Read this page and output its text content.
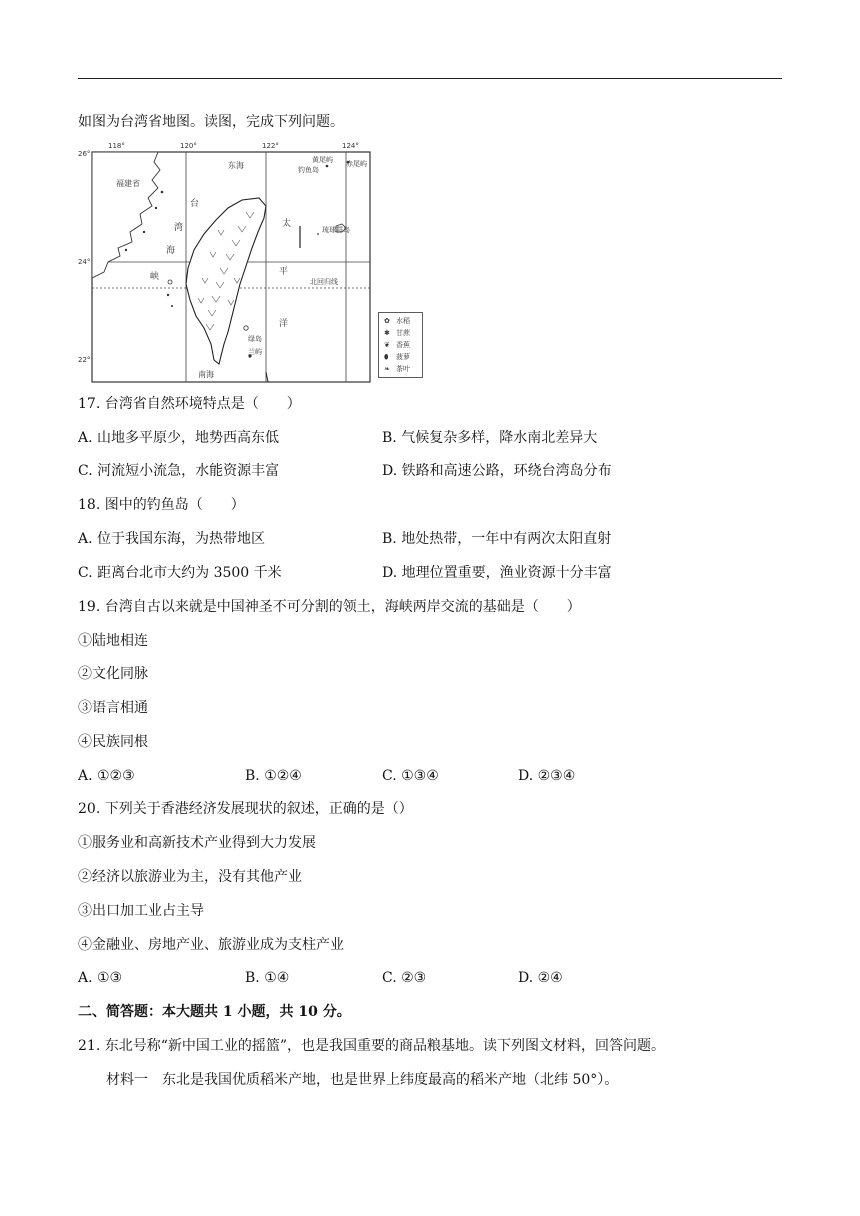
如图为台湾省地图。读图，完成下列问题。
118°	120°	122°	124°
26°
24°
22°
福建省
东海
黄尾屿
钓鱼岛
赤尾屿
琉球群岛
台
湾
海
峡
太
平
洋
北回归线
绿岛
兰屿
南海
✿ 水稻
✱ 甘蔗
❦ 香蕉
⬮ 菠萝
❧ 茶叶
17. 台湾省自然环境特点是（　　）
A. 山地多平原少，地势西高东低	B. 气候复杂多样，降水南北差异大
C. 河流短小流急，水能资源丰富	D. 铁路和高速公路，环绕台湾岛分布
18. 图中的钓鱼岛（　　）
A. 位于我国东海，为热带地区	B. 地处热带，一年中有两次太阳直射
C. 距离台北市大约为 3500 千米	D. 地理位置重要，渔业资源十分丰富
19. 台湾自古以来就是中国神圣不可分割的领土，海峡两岸交流的基础是（　　）
①陆地相连
②文化同脉
③语言相通
④民族同根
A. ①②③	B. ①②④	C. ①③④	D. ②③④
20. 下列关于香港经济发展现状的叙述，正确的是（）
①服务业和高新技术产业得到大力发展
②经济以旅游业为主，没有其他产业
③出口加工业占主导
④金融业、房地产业、旅游业成为支柱产业
A. ①③	B. ①④	C. ②③	D. ②④
二、简答题：本大题共 1 小题，共 10 分。
21. 东北号称“新中国工业的摇篮”，也是我国重要的商品粮基地。读下列图文材料，回答问题。
材料一　东北是我国优质稻米产地，也是世界上纬度最高的稻米产地（北纬 50°）。
